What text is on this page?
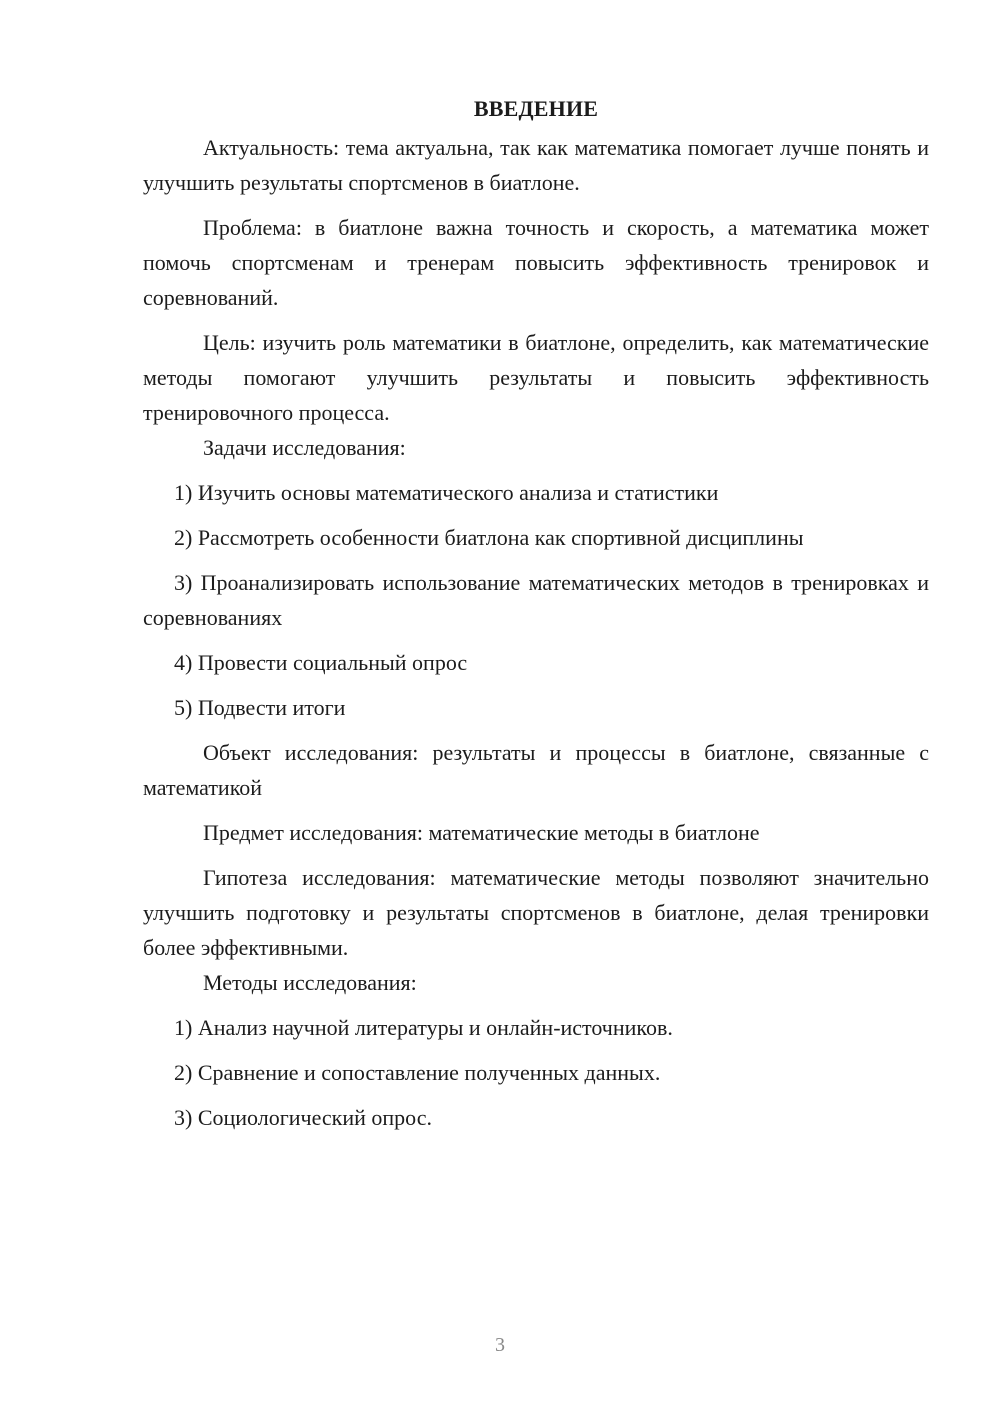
ВВЕДЕНИЕ

Актуальность: тема актуальна, так как математика помогает лучше понять и улучшить результаты спортсменов в биатлоне.

Проблема: в биатлоне важна точность и скорость, а математика может помочь спортсменам и тренерам повысить эффективность тренировок и соревнований.

Цель: изучить роль математики в биатлоне, определить, как математические методы помогают улучшить результаты и повысить эффективность тренировочного процесса.

Задачи исследования:

1) Изучить основы математического анализа и статистики

2) Рассмотреть особенности биатлона как спортивной дисциплины

3) Проанализировать использование математических методов в тренировках и соревнованиях

4) Провести социальный опрос

5) Подвести итоги

Объект исследования: результаты и процессы в биатлоне, связанные с математикой

Предмет исследования: математические методы в биатлоне

Гипотеза исследования: математические методы позволяют значительно улучшить подготовку и результаты спортсменов в биатлоне, делая тренировки более эффективными.

Методы исследования:

1) Анализ научной литературы и онлайн-источников.

2) Сравнение и сопоставление полученных данных.

3) Социологический опрос.

3
